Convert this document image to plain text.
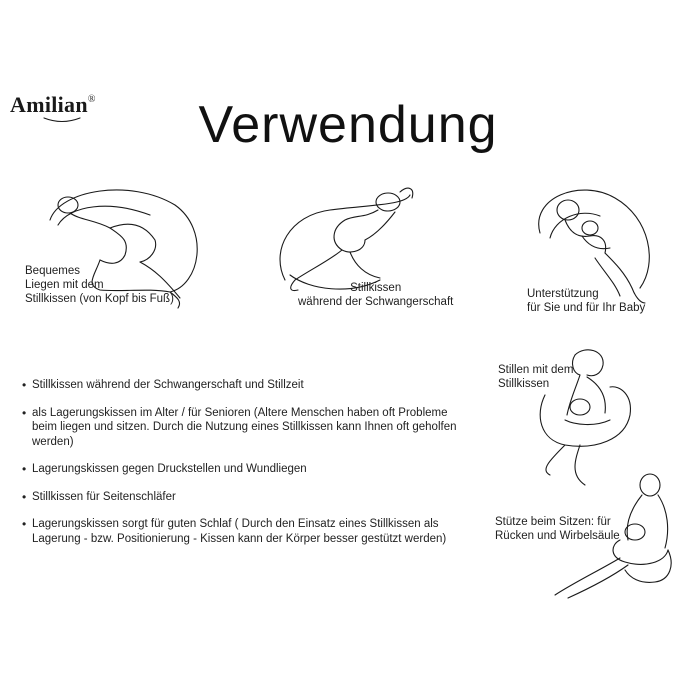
Amilian®	Verwendung
Bequemes
Liegen mit dem
Stillkissen (von Kopf bis Fuß)
Stillkissen
während der Schwangerschaft
Unterstützung
für Sie und für Ihr Baby
Stillen mit dem
Stillkissen
Stütze beim Sitzen: für
Rücken und Wirbelsäule
• Stillkissen während der Schwangerschaft und Stillzeit
• als Lagerungskissen im Alter / für Senioren (Altere Menschen haben oft Probleme beim liegen und sitzen. Durch die Nutzung eines Stillkissen kann Ihnen oft geholfen werden)
• Lagerungskissen gegen Druckstellen und Wundliegen
• Stillkissen für Seitenschläfer
• Lagerungskissen sorgt für guten Schlaf ( Durch den Einsatz eines Stillkissen als Lagerung - bzw. Positionierung - Kissen kann der Körper besser gestützt werden)
